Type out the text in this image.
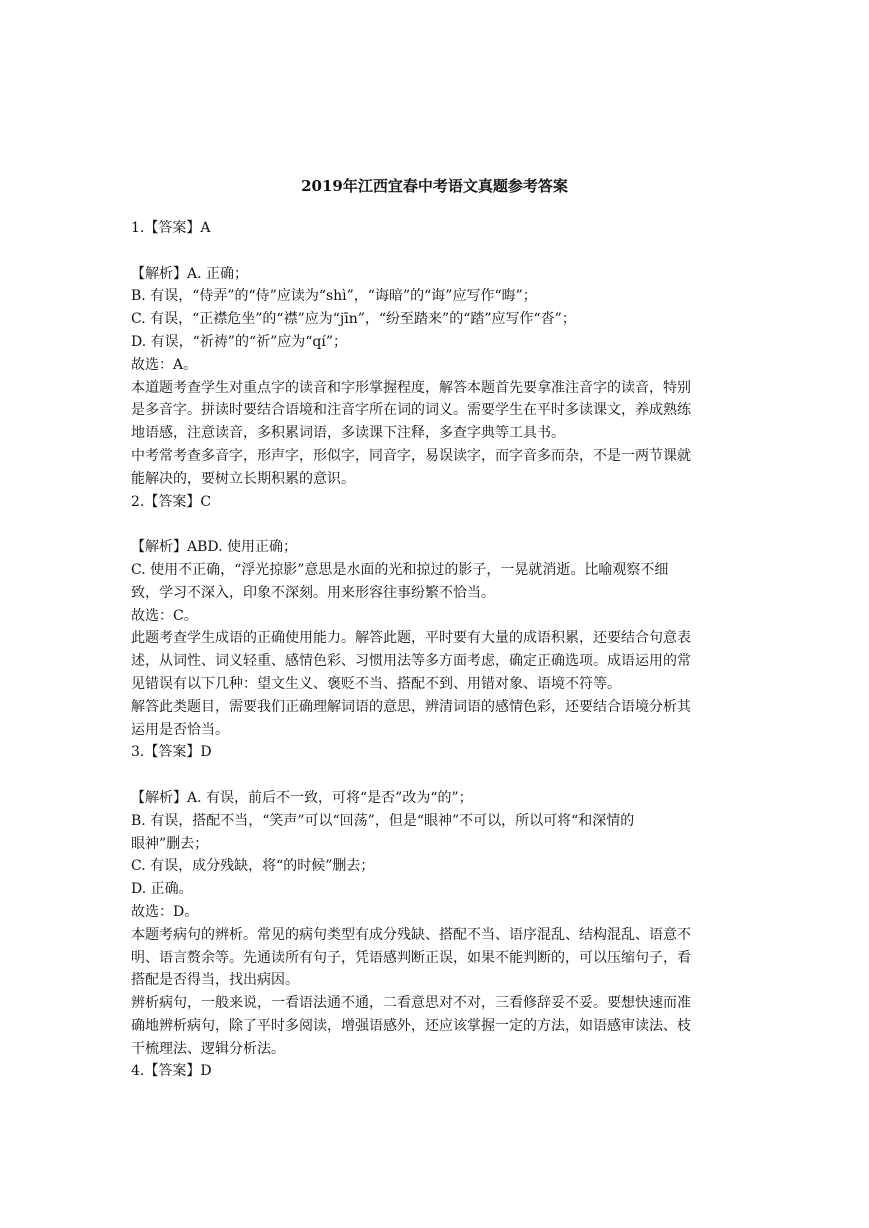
2019年江西宜春中考语文真题参考答案

1.【答案】A

【解析】A. 正确；

B. 有误，“侍弄”的“侍”应读为“shì”，“诲暗”的“诲”应写作“晦”；

C. 有误，“正襟危坐”的“襟”应为“jīn”，“纷至踏来”的“踏”应写作“沓”；

D. 有误，“祈祷”的“祈”应为“qí”；

故选：A。

本道题考查学生对重点字的读音和字形掌握程度，解答本题首先要拿准注音字的读音，特别

是多音字。拼读时要结合语境和注音字所在词的词义。需要学生在平时多读课文，养成熟练

地语感，注意读音，多积累词语，多读课下注释，多查字典等工具书。

中考常考查多音字，形声字，形似字，同音字，易误读字，而字音多而杂，不是一两节课就

能解决的，要树立长期积累的意识。

2.【答案】C

【解析】ABD. 使用正确；

C. 使用不正确，“浮光掠影”意思是水面的光和掠过的影子，一晃就消逝。比喻观察不细

致，学习不深入，印象不深刻。用来形容往事纷繁不恰当。

故选：C。

此题考查学生成语的正确使用能力。解答此题，平时要有大量的成语积累，还要结合句意表

述，从词性、词义轻重、感情色彩、习惯用法等多方面考虑，确定正确选项。成语运用的常

见错误有以下几种：望文生义、褒贬不当、搭配不到、用错对象、语境不符等。

解答此类题目，需要我们正确理解词语的意思，辨清词语的感情色彩，还要结合语境分析其

运用是否恰当。

3.【答案】D

【解析】A. 有误，前后不一致，可将“是否”改为“的”；

B. 有误，搭配不当，“笑声”可以“回荡”，但是“眼神”不可以，所以可将“和深情的

眼神”删去；

C. 有误，成分残缺，将“的时候”删去；

D. 正确。

故选：D。

本题考病句的辨析。常见的病句类型有成分残缺、搭配不当、语序混乱、结构混乱、语意不

明、语言赘余等。先通读所有句子，凭语感判断正误，如果不能判断的，可以压缩句子，看

搭配是否得当，找出病因。

辨析病句，一般来说，一看语法通不通，二看意思对不对，三看修辞妥不妥。要想快速而准

确地辨析病句，除了平时多阅读，增强语感外，还应该掌握一定的方法，如语感审读法、枝

干梳理法、逻辑分析法。

4.【答案】D
